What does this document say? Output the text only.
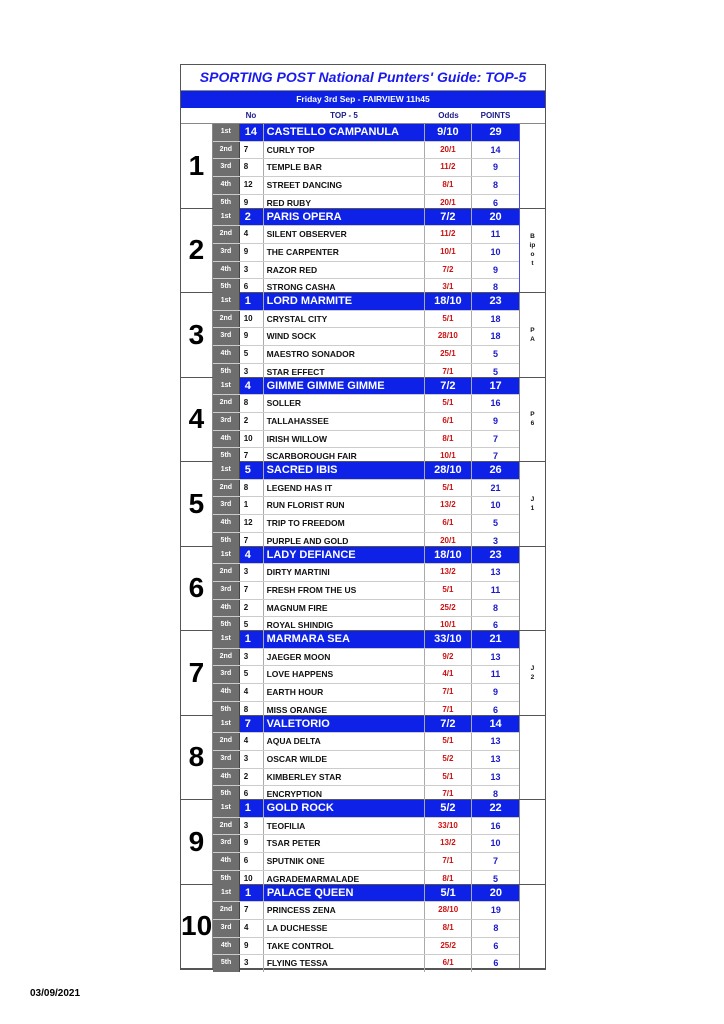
SPORTING POST National Punters' Guide: TOP-5
Friday 3rd Sep - FAIRVIEW 11h45
No	TOP - 5	Odds	POINTS
1
1st	14 CASTELLO CAMPANULA	9/10	29
2nd	7	CURLY TOP	20/1	14
3rd	8	TEMPLE BAR	11/2	9
4th	12	STREET DANCING	8/1	8
5th	9	RED RUBY	20/1	6
2
1st	2	PARIS OPERA	7/2	20
2nd	4	SILENT OBSERVER	11/2	11
3rd	9	THE CARPENTER	10/1	10
4th	3	RAZOR RED	7/2	9
5th	6	STRONG CASHA	3/1	8
Bipot
3
1st	1	LORD MARMITE	18/10	23
2nd	10	CRYSTAL CITY	5/1	18
3rd	9	WIND SOCK	28/10	18
4th	5	MAESTRO SONADOR	25/1	5
5th	3	STAR EFFECT	7/1	5
PA
4
1st	4	GIMME GIMME GIMME	7/2	17
2nd	8	SOLLER	5/1	16
3rd	2	TALLAHASSEE	6/1	9
4th	10	IRISH WILLOW	8/1	7
5th	7	SCARBOROUGH FAIR	10/1	7
P6
5
1st	5	SACRED IBIS	28/10	26
2nd	8	LEGEND HAS IT	5/1	21
3rd	1	RUN FLORIST RUN	13/2	10
4th	12	TRIP TO FREEDOM	6/1	5
5th	7	PURPLE AND GOLD	20/1	3
J1
6
1st	4	LADY DEFIANCE	18/10	23
2nd	3	DIRTY MARTINI	13/2	13
3rd	7	FRESH FROM THE US	5/1	11
4th	2	MAGNUM FIRE	25/2	8
5th	5	ROYAL SHINDIG	10/1	6
7
1st	1	MARMARA SEA	33/10	21
2nd	3	JAEGER MOON	9/2	13
3rd	5	LOVE HAPPENS	4/1	11
4th	4	EARTH HOUR	7/1	9
5th	8	MISS ORANGE	7/1	6
J2
8
1st	7	VALETORIO	7/2	14
2nd	4	AQUA DELTA	5/1	13
3rd	3	OSCAR WILDE	5/2	13
4th	2	KIMBERLEY STAR	5/1	13
5th	6	ENCRYPTION	7/1	8
9
1st	1	GOLD ROCK	5/2	22
2nd	3	TEOFILIA	33/10	16
3rd	9	TSAR PETER	13/2	10
4th	6	SPUTNIK ONE	7/1	7
5th	10	AGRADEMARMALADE	8/1	5
10
1st	1	PALACE QUEEN	5/1	20
2nd	7	PRINCESS ZENA	28/10	19
3rd	4	LA DUCHESSE	8/1	8
4th	9	TAKE CONTROL	25/2	6
5th	3	FLYING TESSA	6/1	6
03/09/2021
